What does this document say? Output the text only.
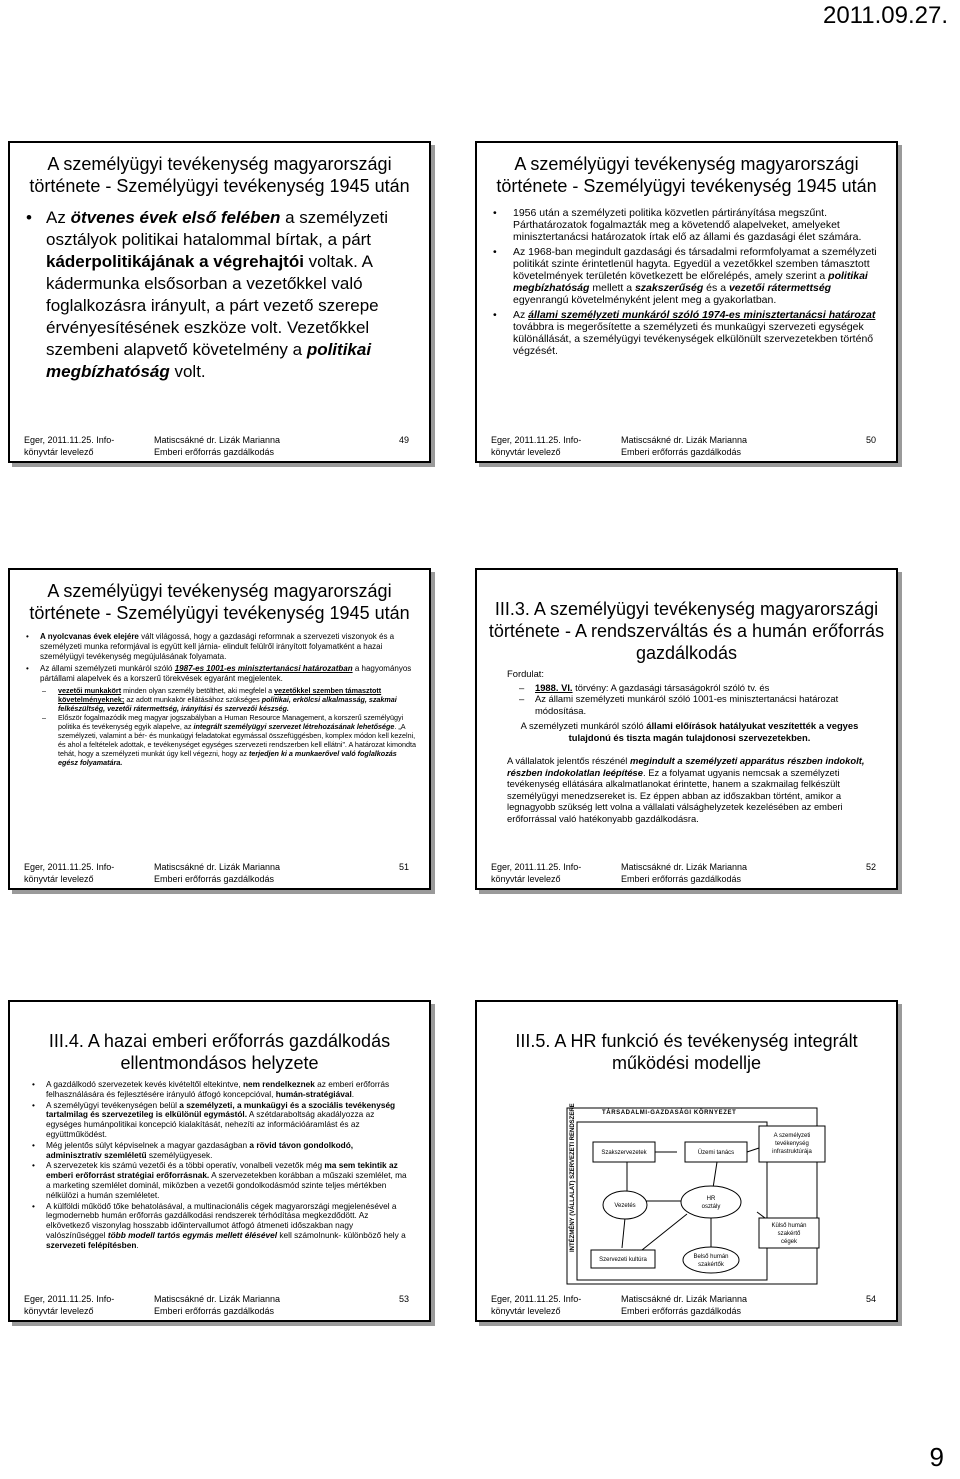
2011.09.27.
A személyügyi tevékenység magyarországi története - Személyügyi tevékenység 1945 után
• Az ötvenes évek első felében a személyzeti osztályok politikai hatalommal bírtak, a párt káderpolitikájának a végrehajtói voltak. A kádermunka elsősorban a vezetőkkel való foglalkozásra irányult, a párt vezető szerepe érvényesítésének eszköze volt. Vezetőkkel szembeni alapvető követelmény a politikai megbízhatóság volt.
Eger, 2011.11.25. Info-
könyvtár levelező
Matiscsákné dr. Lizák Marianna
Emberi erőforrás gazdálkodás
49
A személyügyi tevékenység magyarországi története - Személyügyi tevékenység 1945 után
• 1956 után a személyzeti politika közvetlen pártirányítása megszűnt. Párthatározatok fogalmazták meg a követendő alapelveket, amelyeket minisztertanácsi határozatok írtak elő az állami és gazdasági élet számára.
• Az 1968-ban megindult gazdasági és társadalmi reformfolyamat a személyzeti politikát szinte érintetlenül hagyta. Egyedül a vezetőkkel szemben támasztott követelmények területén következett be előrelépés, amely szerint a politikai megbízhatóság mellett a szakszerűség és a vezetői rátermettség egyenrangú követelményként jelent meg a gyakorlatban.
• Az állami személyzeti munkáról szóló 1974-es minisztertanácsi határozat továbbra is megerősítette a személyzeti és munkaügyi szervezeti egységek különállását, a személyügyi tevékenységek elkülönült szervezetekben történő végzését.
Eger, 2011.11.25. Info-
könyvtár levelező
Matiscsákné dr. Lizák Marianna
Emberi erőforrás gazdálkodás
50
A személyügyi tevékenység magyarországi története - Személyügyi tevékenység 1945 után
• A nyolcvanas évek elejére vált világossá, hogy a gazdasági reformnak a szervezeti viszonyok és a személyzeti munka reformjával is együtt kell járnia- elindult felülről irányított folyamatként a hazai személyügyi tevékenység megújulásának folyamata.
• Az állami személyzeti munkáról szóló 1987-es 1001-es minisztertanácsi határozatban a hagyományos pártállami alapelvek és a korszerű törekvések egyaránt megjelentek.
– vezetői munkakört minden olyan személy betölthet, aki megfelel a vezetőkkel szemben támasztott követelményeknek; az adott munkakör ellátásához szükséges politikai, erkölcsi alkalmasság, szakmai felkészültség, vezetői rátermettség, irányítási és szervezői készség.
– Először fogalmazódik meg magyar jogszabályban a Human Resource Management, a korszerű személyügyi politika és tevékenység egyik alapelve, az integrált személyügyi szervezet létrehozásának lehetősége. „A személyzeti, valamint a bér- és munkaügyi feladatokat egymással összefüggésben, komplex módon kell kezelni, és ahol a feltételek adottak, e tevékenységet egységes szervezeti rendszerben kell ellátni”. A határozat kimondta tehát, hogy a személyzeti munkát úgy kell végezni, hogy az terjedjen ki a munkaerővel való foglalkozás egész folyamatára.
Eger, 2011.11.25. Info-
könyvtár levelező
Matiscsákné dr. Lizák Marianna
Emberi erőforrás gazdálkodás
51
III.3. A személyügyi tevékenység magyarországi története - A rendszerváltás és a humán erőforrás gazdálkodás

Fordulat:

– 1988. VI. törvény: A gazdasági társaságokról szóló tv. és
– Az állami személyzeti munkáról szóló 1001-es minisztertanácsi határozat módosítása.

A személyzeti munkáról szóló állami előírások hatályukat veszítették a vegyes tulajdonú és tiszta magán tulajdonosi szervezetekben.

A vállalatok jelentős részénél megindult a személyzeti apparátus részben indokolt, részben indokolatlan leépítése. Ez a folyamat ugyanis nemcsak a személyzeti tevékenység ellátására alkalmatlanokat érintette, hanem a szakmailag felkészült személyügyi menedzsereket is. Ez éppen abban az időszakban történt, amikor a legnagyobb szükség lett volna a vállalati válsághelyzetek kezelésében az emberi erőforrással való hatékonyabb gazdálkodásra.

Eger, 2011.11.25. Info-
könyvtár levelező
Matiscsákné dr. Lizák Marianna
Emberi erőforrás gazdálkodás
52
III.4. A hazai emberi erőforrás gazdálkodás ellentmondásos helyzete
• A gazdálkodó szervezetek kevés kivételtől eltekintve, nem rendelkeznek az emberi erőforrás felhasználására és fejlesztésére irányuló átfogó koncepcióval, humán-stratégiával.
• A személyügyi tevékenységen belül a személyzeti, a munkaügyi és a szociális tevékenység tartalmilag és szervezetileg is elkülönül egymástól. A szétdaraboltság akadályozza az egységes humánpolitikai koncepció kialakítását, nehezíti az információáramlást és az együttműködést.
• Még jelentős súlyt képviselnek a magyar gazdaságban a rövid távon gondolkodó, adminisztratív szemléletű személyügyesek.
• A szervezetek kis számú vezetői és a többi operatív, vonalbeli vezetők még ma sem tekintik az emberi erőforrást stratégiai erőforrásnak. A szervezetekben korábban a műszaki szemlélet, ma a marketing szemlélet dominál, miközben a vezetői gondolkodásmód szinte teljes mértékben nélkülözi a humán szemléletet.
• A külföldi működő tőke behatolásával, a multinacionális cégek magyarországi megjelenésével a legmodernebb humán erőforrás gazdálkodási rendszerek térhódítása megkezdődött. Az elkövetkező viszonylag hosszabb időintervallumot átfogó átmeneti időszakban nagy valószínűséggel több modell tartós egymás mellett élésével kell számolnunk- különböző hely a szervezeti felépítésben.
Eger, 2011.11.25. Info-
könyvtár levelező
Matiscsákné dr. Lizák Marianna
Emberi erőforrás gazdálkodás
53
III.5. A HR funkció és tevékenység integrált működési modellje
TÁRSADALMI-GAZDASÁGI KÖRNYEZET
INTÉZMÉNY (VÁLLALAT) SZERVEZETI RENDSZERE	Szakszervezetek	Üzemi tanács
A személyzeti
tevékenység
infrastruktúrája
Vezetés
HR
osztály
Külső humán
szakértő
cégek
Szervezeti kultúra	Belső humán
szakértők
Eger, 2011.11.25. Info-
könyvtár levelező
Matiscsákné dr. Lizák Marianna
Emberi erőforrás gazdálkodás
54
9
